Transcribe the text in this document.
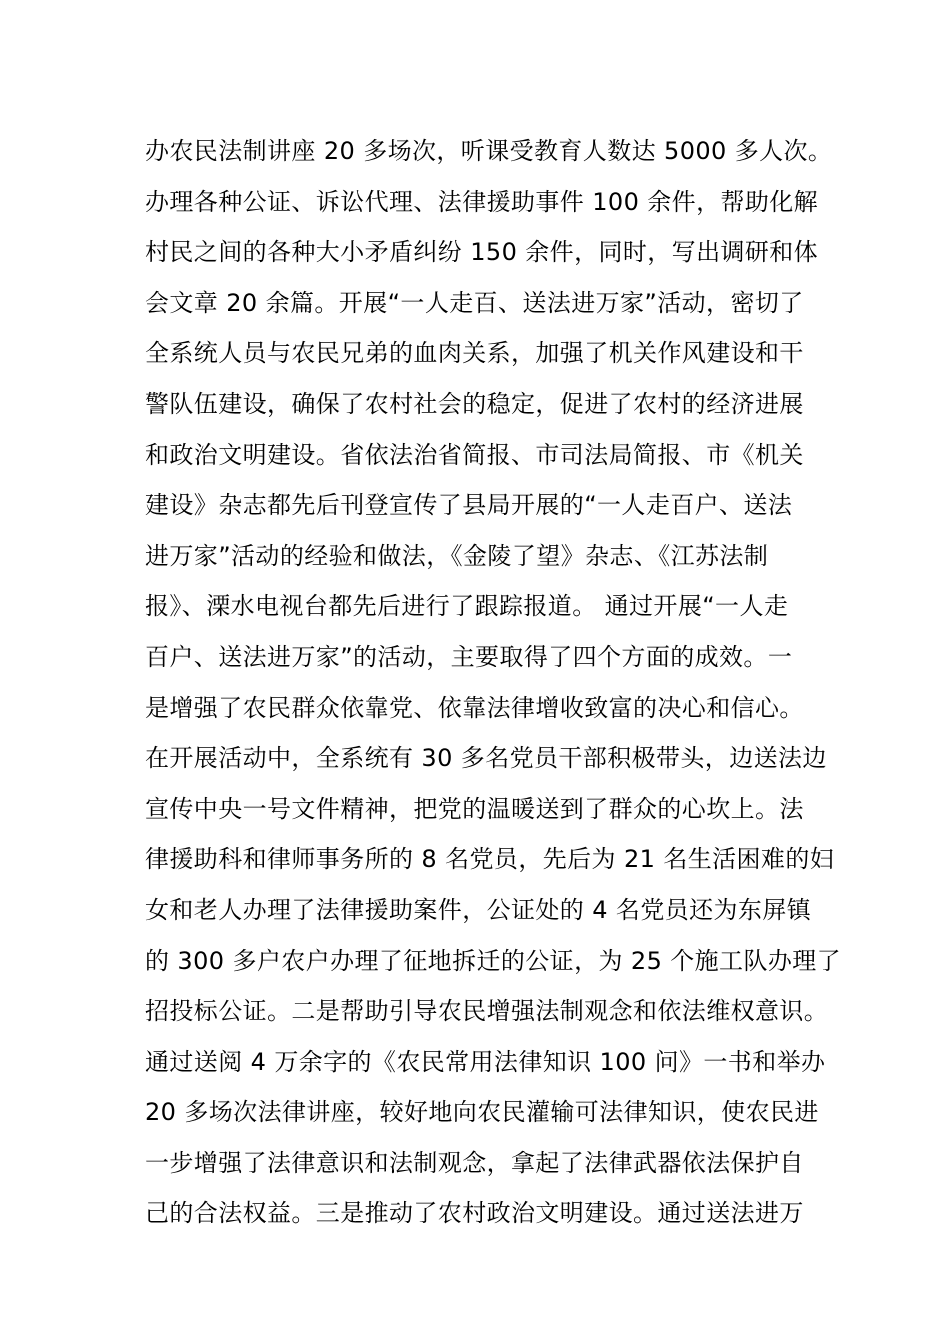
办农民法制讲座 20 多场次，听课受教育人数达 5000 多人次。
办理各种公证、诉讼代理、法律援助事件 100 余件，帮助化解
村民之间的各种大小矛盾纠纷 150 余件，同时，写出调研和体
会文章 20 余篇。开展“一人走百、送法进万家”活动，密切了
全系统人员与农民兄弟的血肉关系，加强了机关作风建设和干
警队伍建设，确保了农村社会的稳定，促进了农村的经济进展
和政治文明建设。省依法治省简报、市司法局简报、市《机关
建设》杂志都先后刊登宣传了县局开展的“一人走百户、送法
进万家”活动的经验和做法，《金陵了望》杂志、《江苏法制
报》、溧水电视台都先后进行了跟踪报道。 通过开展“一人走
百户、送法进万家”的活动，主要取得了四个方面的成效。一
是增强了农民群众依靠党、依靠法律增收致富的决心和信心。
在开展活动中，全系统有 30 多名党员干部积极带头，边送法边
宣传中央一号文件精神，把党的温暖送到了群众的心坎上。法
律援助科和律师事务所的 8 名党员，先后为 21 名生活困难的妇
女和老人办理了法律援助案件，公证处的 4 名党员还为东屏镇
的 300 多户农户办理了征地拆迁的公证，为 25 个施工队办理了
招投标公证。二是帮助引导农民增强法制观念和依法维权意识。
通过送阅 4 万余字的《农民常用法律知识 100 问》一书和举办
20 多场次法律讲座，较好地向农民灌输可法律知识，使农民进
一步增强了法律意识和法制观念，拿起了法律武器依法保护自
己的合法权益。三是推动了农村政治文明建设。通过送法进万
